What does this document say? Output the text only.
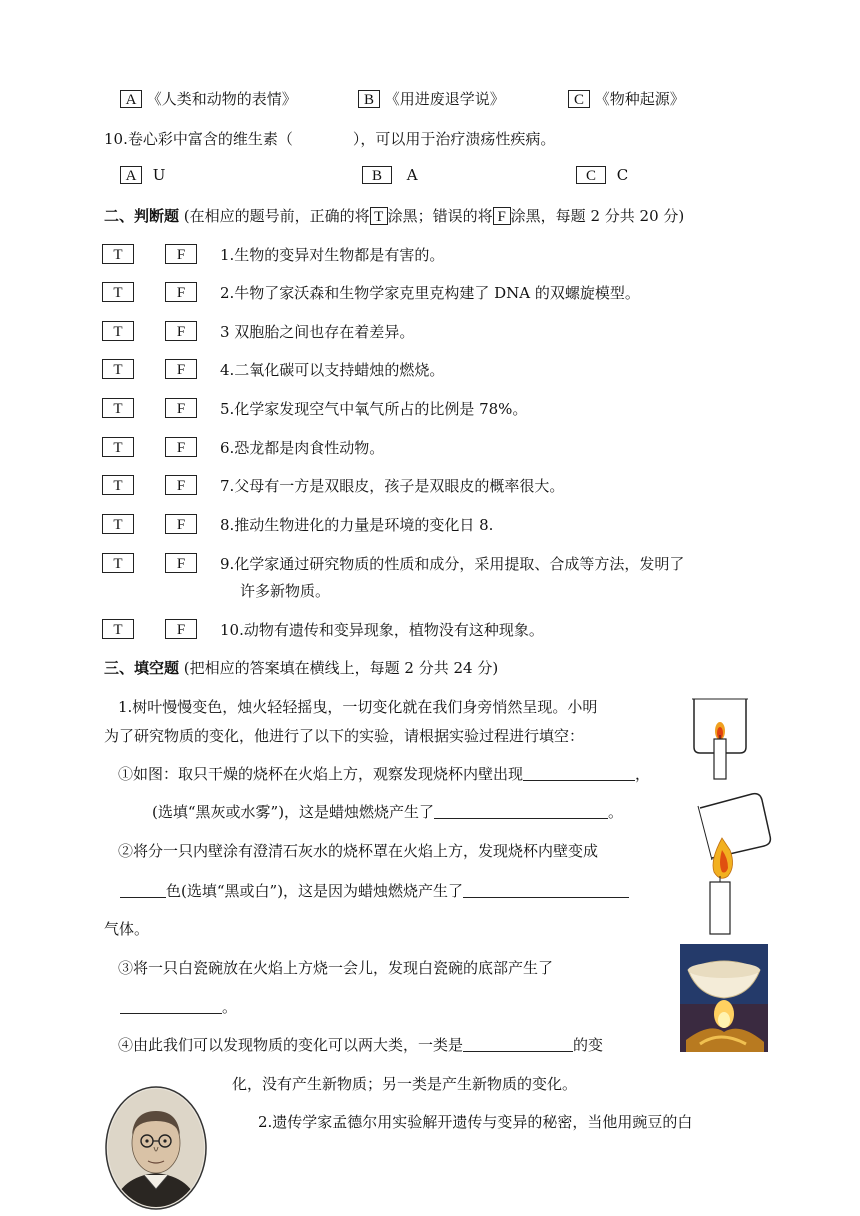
A 《人类和动物的表情》	B 《用进废退学说》	C 《物种起源》
10.卷心彩中富含的维生素（	），可以用于治疗溃疡性疾病。
A U	B A	C C
二、判断题 (在相应的题号前，正确的将 T 涂黑；错误的将 F 涂黑，每题 2 分共 20 分)
T	F	1.生物的变异对生物都是有害的。
T	F	2.牛物了家沃森和生物学家克里克构建了 DNA 的双螺旋模型。
T	F	3 双胞胎之间也存在着差异。
T	F	4.二氧化碳可以支持蜡烛的燃烧。
T	F	5.化学家发现空气中氧气所占的比例是 78%。
T	F	6.恐龙都是肉食性动物。
T	F	7.父母有一方是双眼皮，孩子是双眼皮的概率很大。
T	F	8.推动生物进化的力量是环境的变化日 8.
T	F	9.化学家通过研究物质的性质和成分，采用提取、合成等方法，发明了
许多新物质。
T	F	10.动物有遗传和变异现象，植物没有这种现象。
三、填空题 (把相应的答案填在横线上，每题 2 分共 24 分)
1.树叶慢慢变色，烛火轻轻摇曳，一切变化就在我们身旁悄然呈现。小明
为了研究物质的变化，他进行了以下的实验，请根据实验过程进行填空：
①如图：取只干燥的烧杯在火焰上方，观察发现烧杯内壁出现	，
(选填“黑灰或水雾”)，这是蜡烛燃烧产生了	。
②将分一只内壁涂有澄清石灰水的烧杯罩在火焰上方，发现烧杯内壁变成
色(选填“黑或白”)，这是因为蜡烛燃烧产生了
气体。
③将一只白瓷碗放在火焰上方烧一会儿，发现白瓷碗的底部产生了
。
④由此我们可以发现物质的变化可以两大类，一类是	的变
化，没有产生新物质；另一类是产生新物质的变化。
2.遗传学家孟德尔用实验解开遗传与变异的秘密，当他用豌豆的白
